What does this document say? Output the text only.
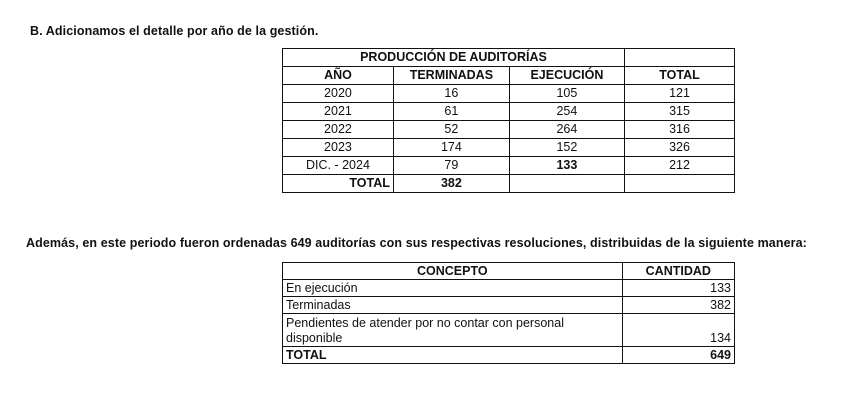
B. Adicionamos el detalle por año de la gestión.
PRODUCCIÓN DE AUDITORÍAS			
AÑO	TERMINADAS	EJECUCIÓN	TOTAL
2020	16	105	121
2021	61	254	315
2022	52	264	316
2023	174	152	326
DIC. - 2024	79	133	212
TOTAL	382		
Además, en este periodo fueron ordenadas 649 auditorías con sus respectivas resoluciones, distribuidas de la siguiente manera:
CONCEPTO	CANTIDAD
En ejecución	133
Terminadas	382
Pendientes de atender por no contar con personal disponible	134
TOTAL	649
